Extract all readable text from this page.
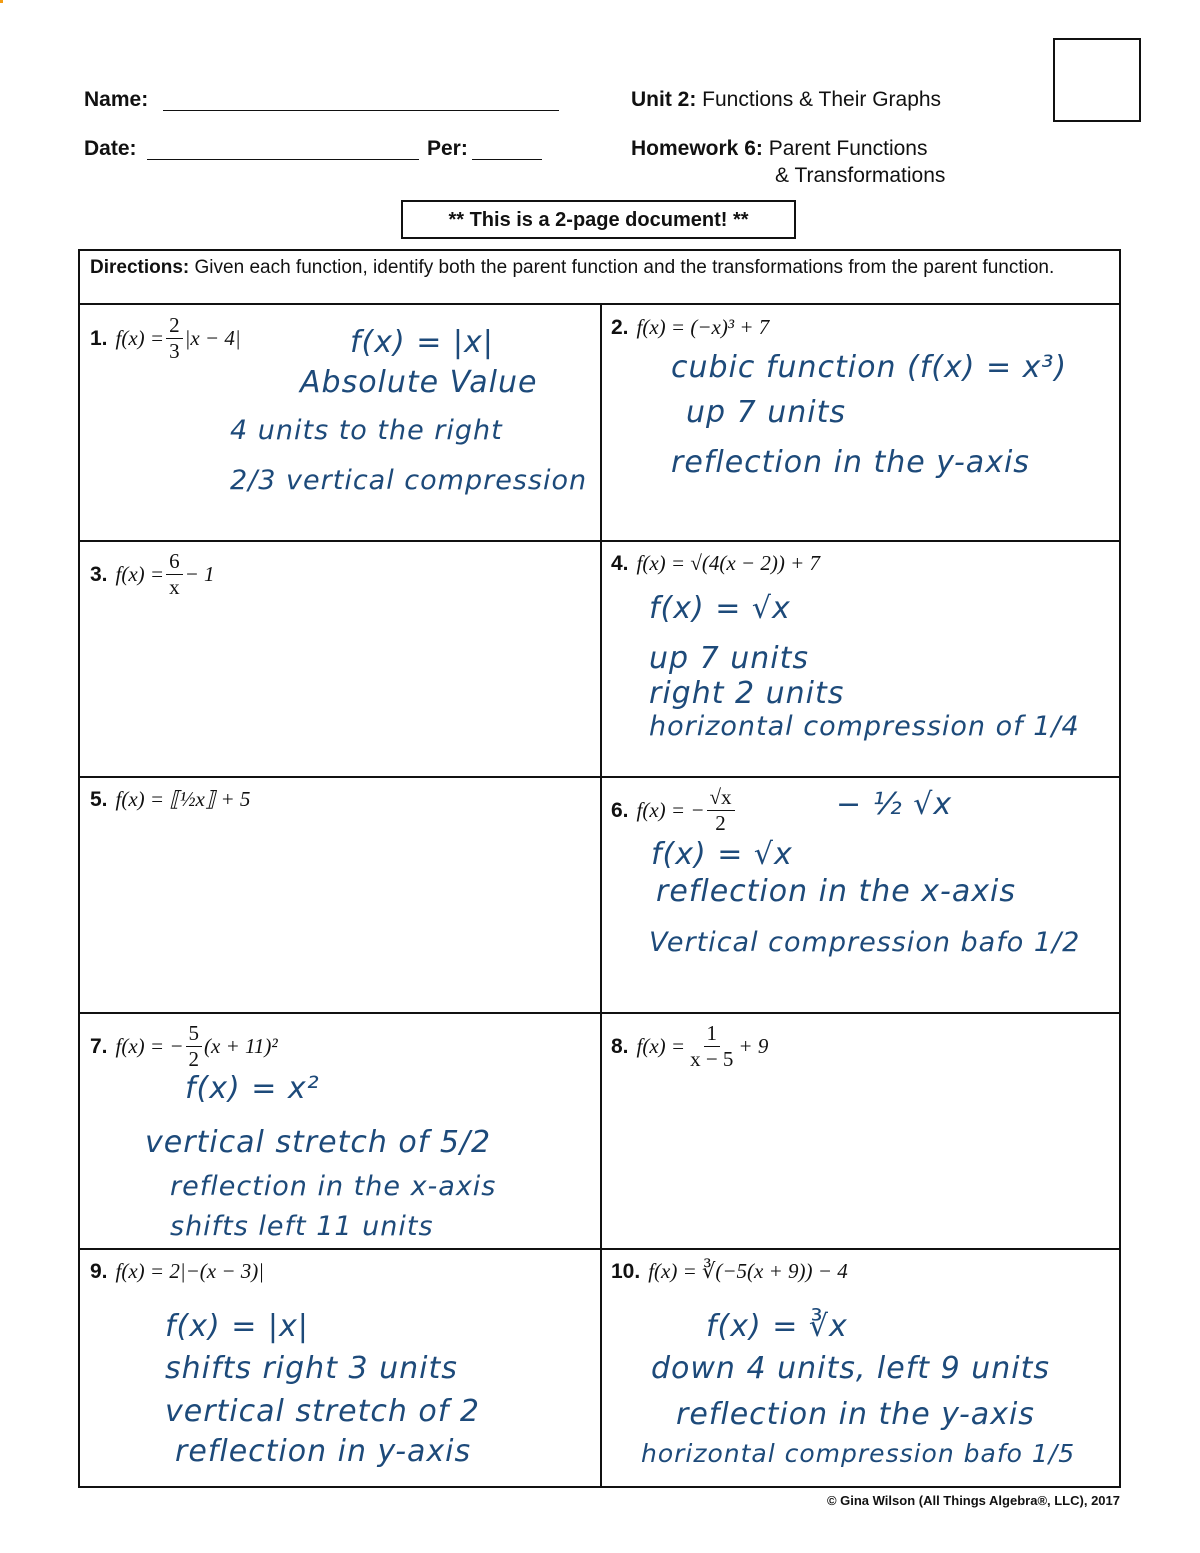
Name:
Date:	Per:
Unit 2: Functions & Their Graphs
Homework 6: Parent Functions
& Transformations
** This is a 2-page document! **
Directions: Given each function, identify both the parent function and the transformations from the parent function.
1. $f(x) = \frac{2}{3} |x - 4|$	f(x) = |x|
Absolute Value
4 units to the right
2/3 vertical compression
2. f(x) = (−x)³ + 7
cubic function (f(x) = x³)
up 7 units
reflection in the y-axis
3. $f(x) = \frac{6}{x} - 1$	4. f(x) = √(4(x − 2)) + 7
f(x) = √x
up 7 units
right 2 units
horizontal compression of 1/4
5. f(x) = ⟦½x⟧ + 5	6. f(x) = − $\frac{√x}{2}$	− ½ √x
f(x) = √x
reflection in the x-axis
Vertical compression bafo 1/2
7. f(x) = − $\frac{5}{2} (x + 11)^2$
f(x) = x²
vertical stretch of 5/2
reflection in the x-axis
shifts left 11 units
8. $f(x) = \frac{1}{x - 5} + 9$
9. f(x) = 2|−(x − 3)|
f(x) = |x|
shifts right 3 units
vertical stretch of 2
reflection in y-axis
10. f(x) = ∛(−5(x + 9)) − 4
f(x) = ∛x
down 4 units, left 9 units
reflection in the y-axis
horizontal compression bafo 1/5
© Gina Wilson (All Things Algebra®, LLC), 2017
